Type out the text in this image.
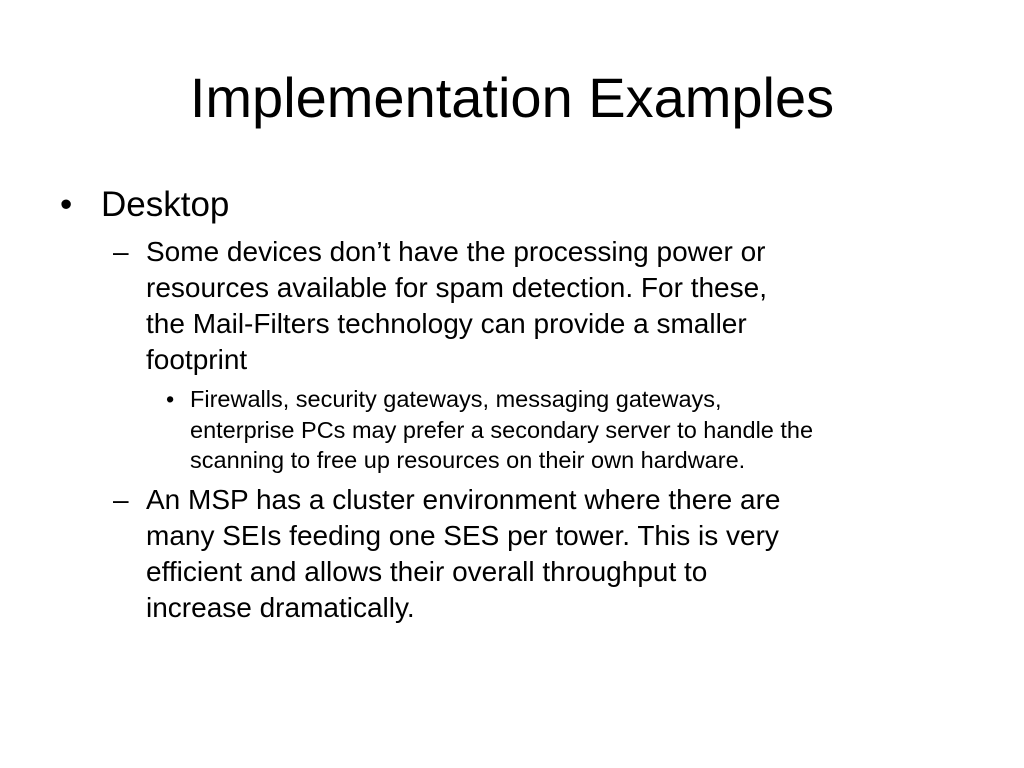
Implementation Examples
• Desktop
– Some devices don’t have the processing power or
resources available for spam detection. For these,
the Mail-Filters technology can provide a smaller
footprint
• Firewalls, security gateways, messaging gateways,
enterprise PCs may prefer a secondary server to handle the
scanning to free up resources on their own hardware.
– An MSP has a cluster environment where there are
many SEIs feeding one SES per tower. This is very
efficient and allows their overall throughput to
increase dramatically.
